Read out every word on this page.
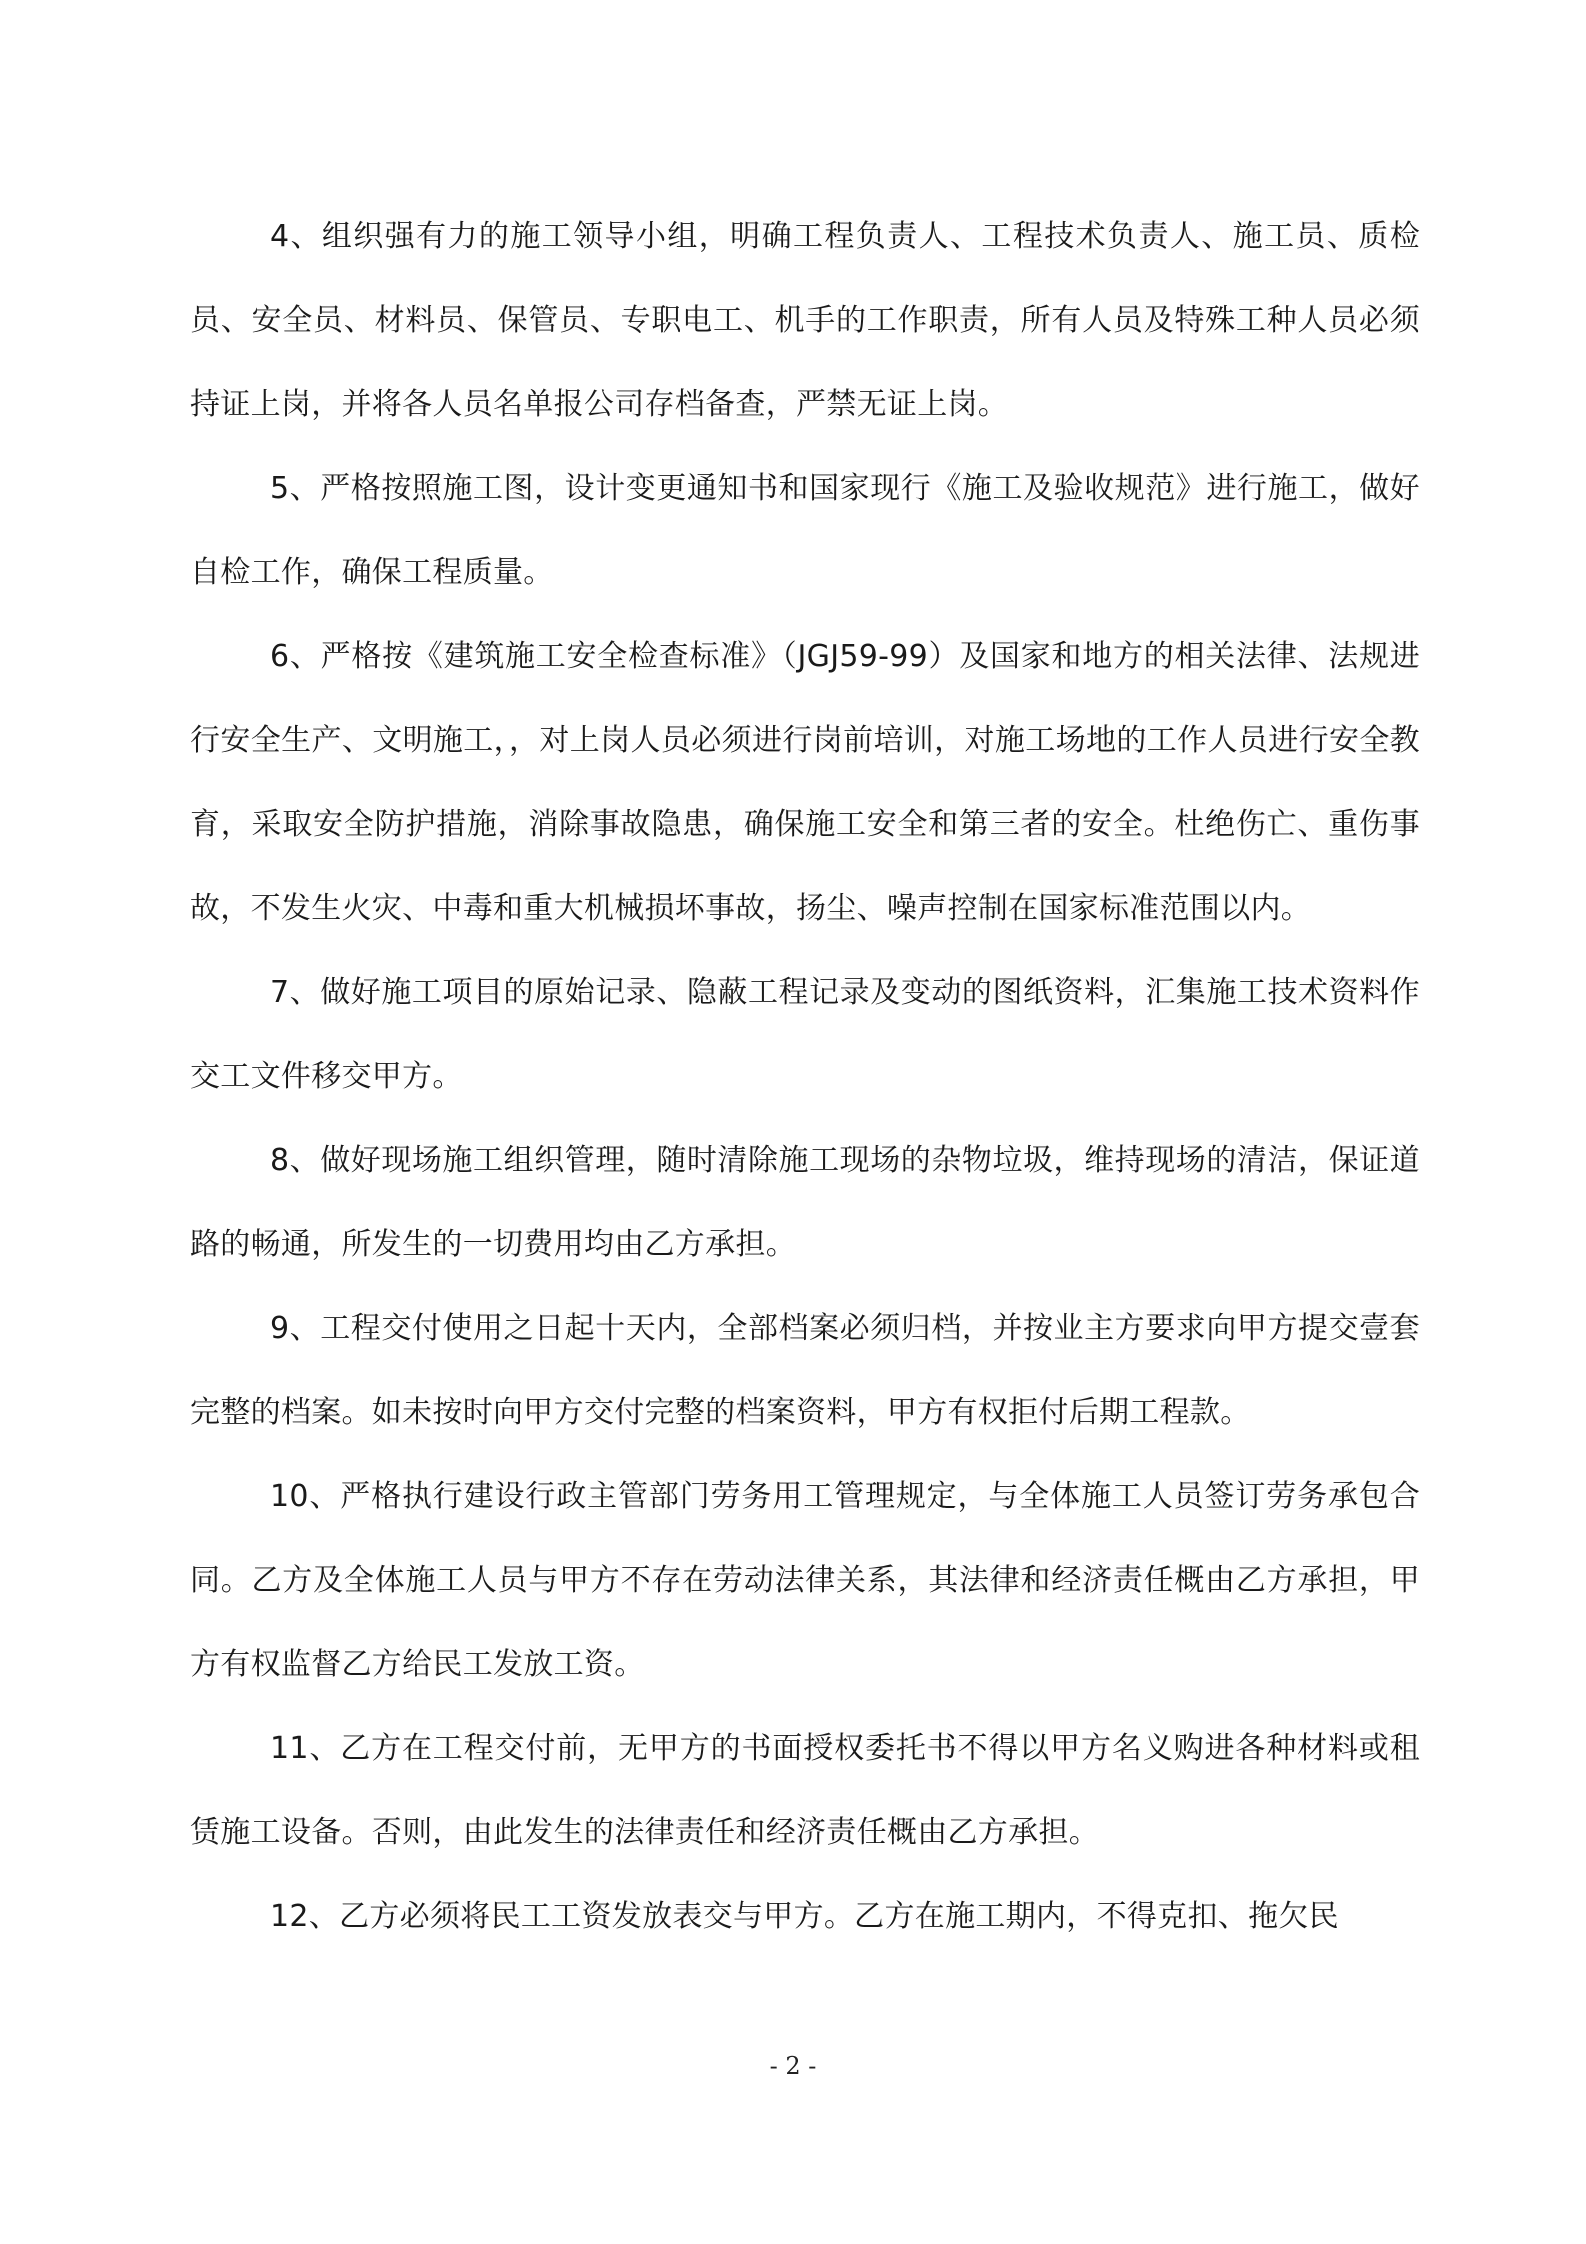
4、组织强有力的施工领导小组，明确工程负责人、工程技术负责人、施工员、质检员、安全员、材料员、保管员、专职电工、机手的工作职责，所有人员及特殊工种人员必须持证上岗，并将各人员名单报公司存档备查，严禁无证上岗。

5、严格按照施工图，设计变更通知书和国家现行《施工及验收规范》进行施工，做好自检工作，确保工程质量。

6、严格按《建筑施工安全检查标准》（JGJ59-99）及国家和地方的相关法律、法规进行安全生产、文明施工，，对上岗人员必须进行岗前培训，对施工场地的工作人员进行安全教育，采取安全防护措施，消除事故隐患，确保施工安全和第三者的安全。杜绝伤亡、重伤事故，不发生火灾、中毒和重大机械损坏事故，扬尘、噪声控制在国家标准范围以内。

7、做好施工项目的原始记录、隐蔽工程记录及变动的图纸资料，汇集施工技术资料作交工文件移交甲方。

8、做好现场施工组织管理，随时清除施工现场的杂物垃圾，维持现场的清洁，保证道路的畅通，所发生的一切费用均由乙方承担。

9、工程交付使用之日起十天内，全部档案必须归档，并按业主方要求向甲方提交壹套完整的档案。如未按时向甲方交付完整的档案资料，甲方有权拒付后期工程款。

10、严格执行建设行政主管部门劳务用工管理规定，与全体施工人员签订劳务承包合同。乙方及全体施工人员与甲方不存在劳动法律关系，其法律和经济责任概由乙方承担，甲方有权监督乙方给民工发放工资。

11、乙方在工程交付前，无甲方的书面授权委托书不得以甲方名义购进各种材料或租赁施工设备。否则，由此发生的法律责任和经济责任概由乙方承担。

12、乙方必须将民工工资发放表交与甲方。乙方在施工期内，不得克扣、拖欠民

- 2 -
